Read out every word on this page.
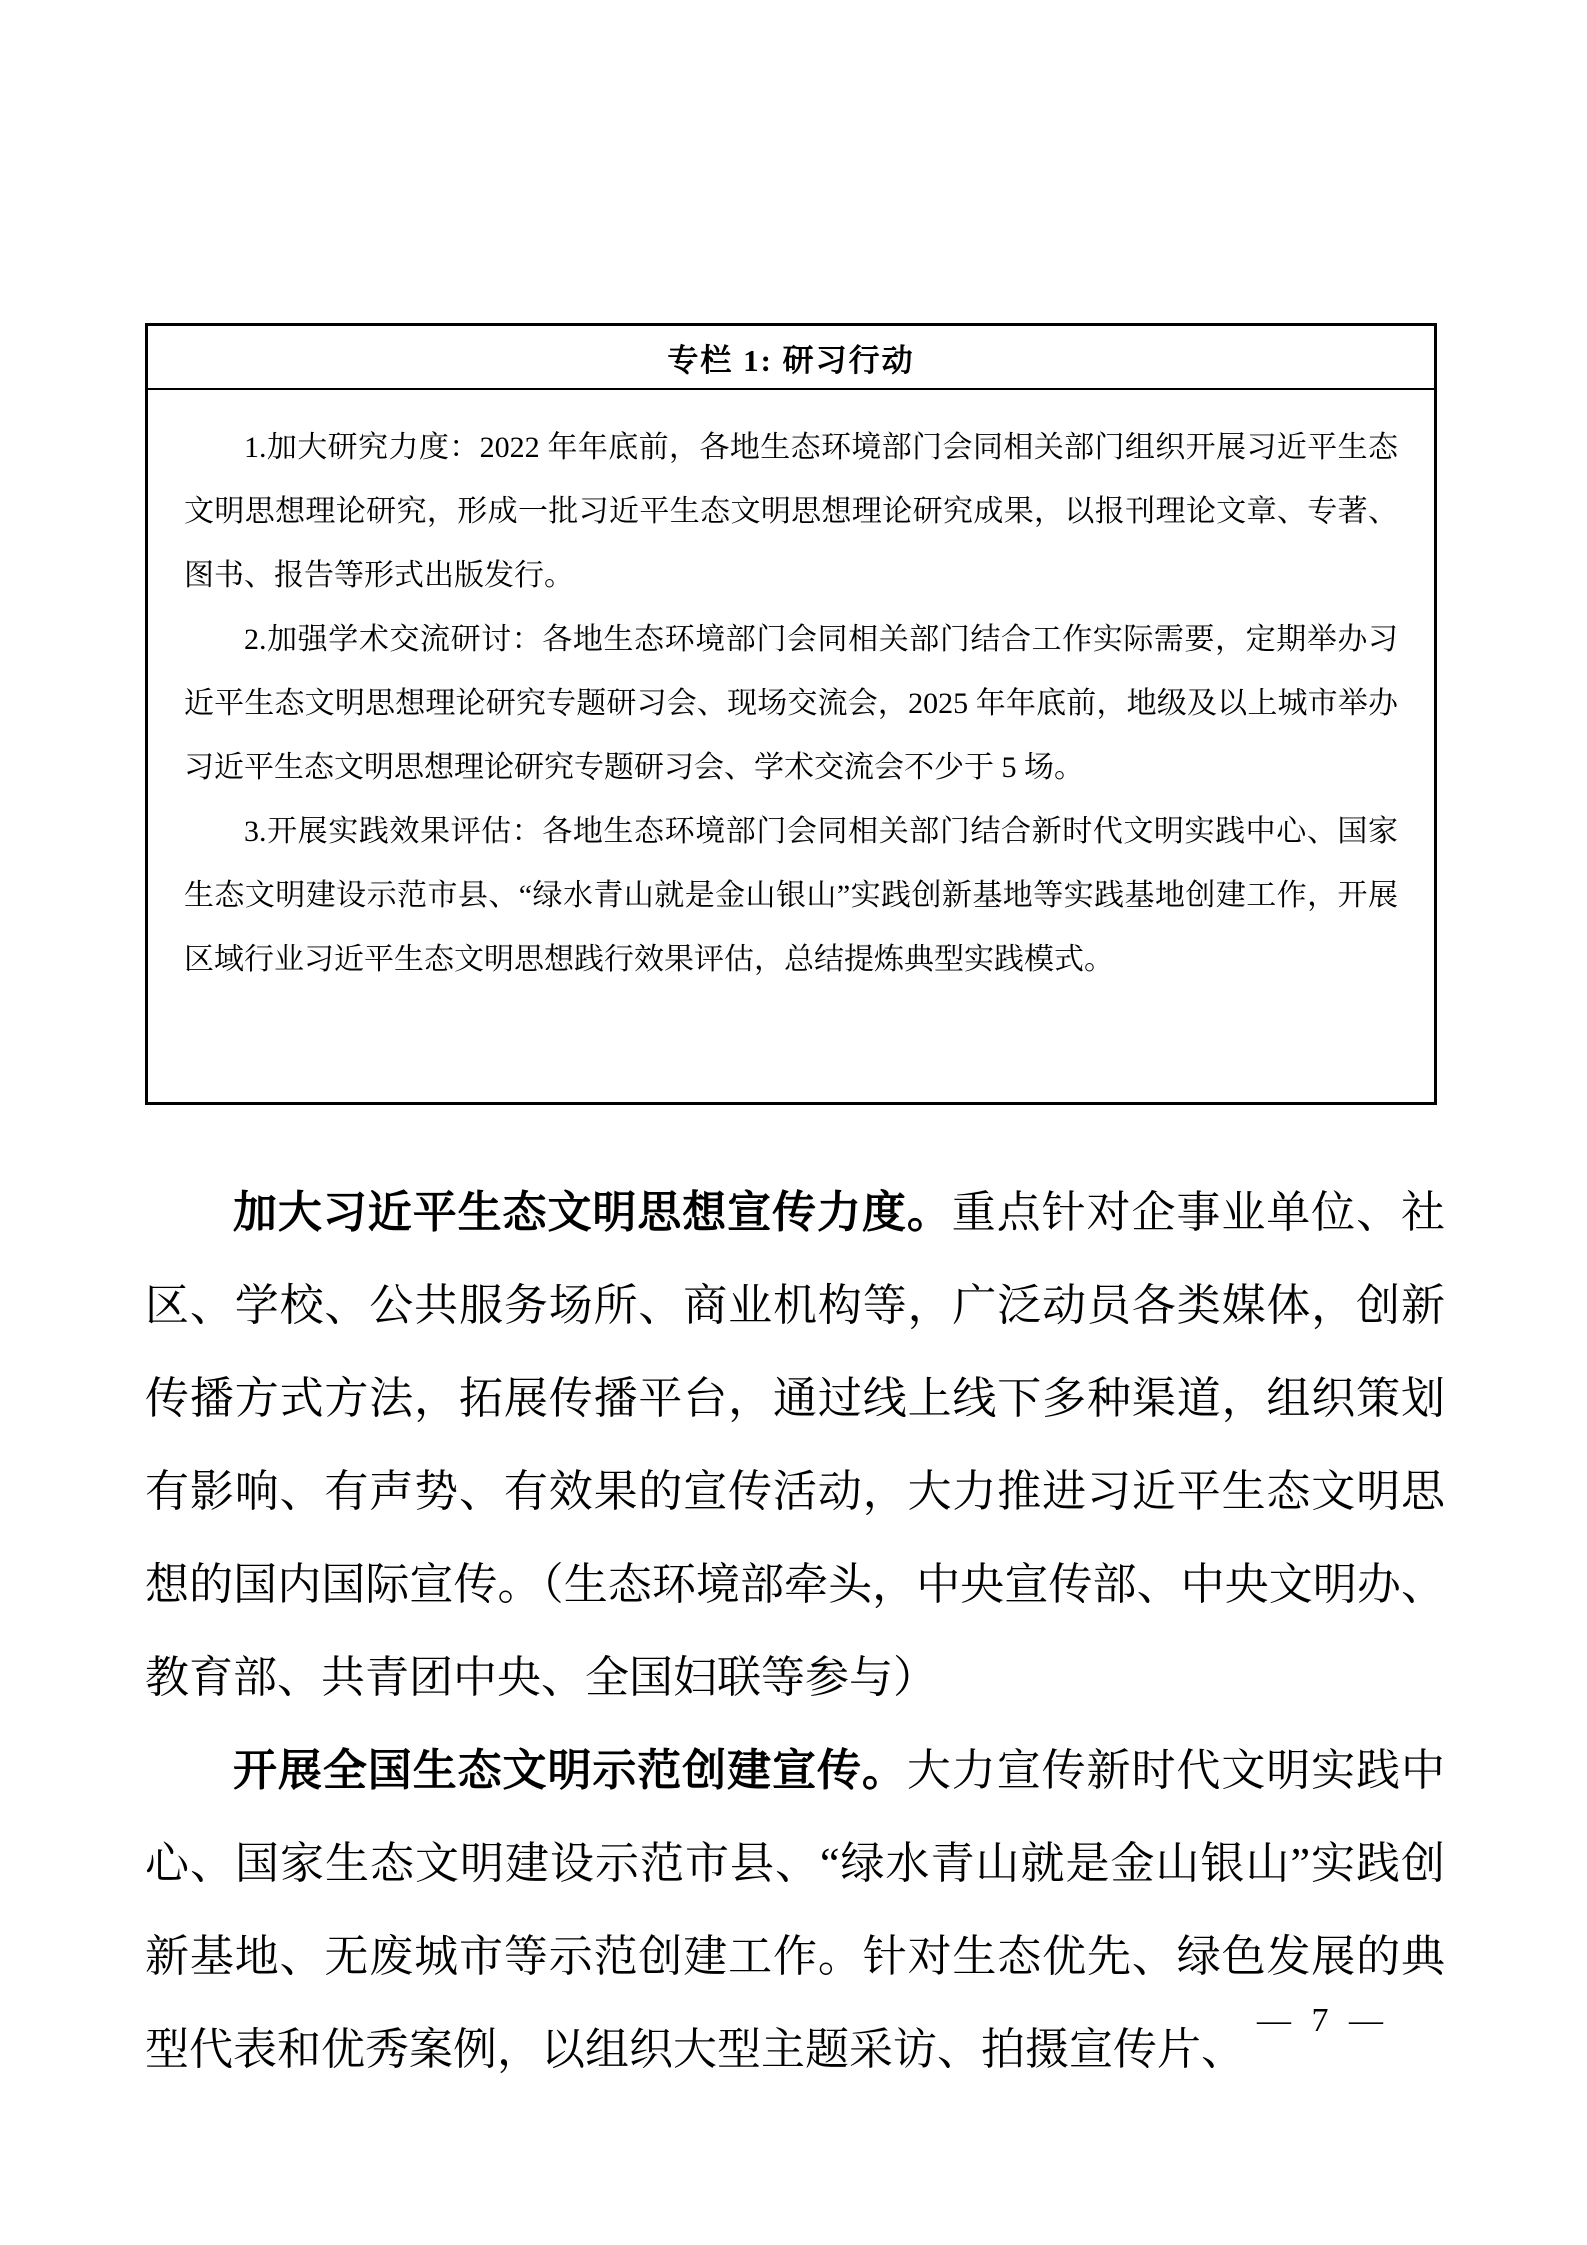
专栏 1: 研习行动

1.加大研究力度：2022 年年底前，各地生态环境部门会同相关部门组织开展习近平生态文明思想理论研究，形成一批习近平生态文明思想理论研究成果，以报刊理论文章、专著、图书、报告等形式出版发行。

2.加强学术交流研讨：各地生态环境部门会同相关部门结合工作实际需要，定期举办习近平生态文明思想理论研究专题研习会、现场交流会，2025 年年底前，地级及以上城市举办习近平生态文明思想理论研究专题研习会、学术交流会不少于 5 场。

3.开展实践效果评估：各地生态环境部门会同相关部门结合新时代文明实践中心、国家生态文明建设示范市县、“绿水青山就是金山银山”实践创新基地等实践基地创建工作，开展区域行业习近平生态文明思想践行效果评估，总结提炼典型实践模式。

加大习近平生态文明思想宣传力度。重点针对企事业单位、社区、学校、公共服务场所、商业机构等，广泛动员各类媒体，创新传播方式方法，拓展传播平台，通过线上线下多种渠道，组织策划有影响、有声势、有效果的宣传活动，大力推进习近平生态文明思想的国内国际宣传。（生态环境部牵头，中央宣传部、中央文明办、教育部、共青团中央、全国妇联等参与）

开展全国生态文明示范创建宣传。大力宣传新时代文明实践中心、国家生态文明建设示范市县、“绿水青山就是金山银山”实践创新基地、无废城市等示范创建工作。针对生态优先、绿色发展的典型代表和优秀案例，以组织大型主题采访、拍摄宣传片、

— 7 —
